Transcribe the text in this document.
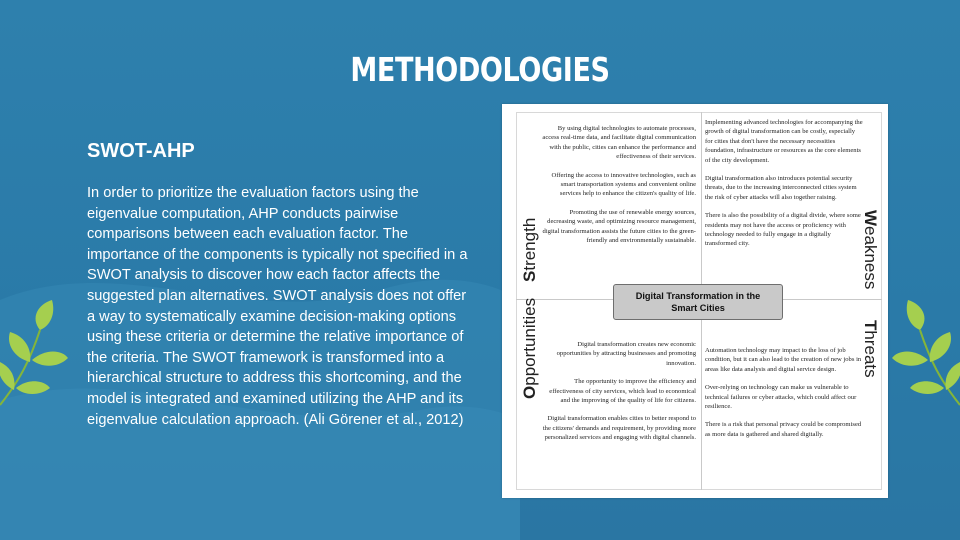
METHODOLOGIES
SWOT-AHP

In order to prioritize the evaluation factors using the eigenvalue computation, AHP conducts pairwise comparisons between each evaluation factor. The importance of the components is typically not specified in a SWOT analysis to discover how each factor affects the suggested plan alternatives. SWOT analysis does not offer a way to systematically examine decision-making options using these criteria or determine the relative importance of the criteria. The SWOT framework is transformed into a hierarchical structure to address this shortcoming, and the model is integrated and examined utilizing the AHP and its eigenvalue calculation approach. (Ali Görener et al., 2012)

Strength
Opportunities
Weakness
Threats

By using digital technologies to automate processes, access real-time data, and facilitate digital communication with the public, cities can enhance the performance and effectiveness of their services.

Offering the access to innovative technologies, such as smart transportation systems and convenient online services help to enhance the citizen's quality of life.

Promoting the use of renewable energy sources, decreasing waste, and optimizing resource management, digital transformation assists the future cities to the green-friendly and environmentally sustainable.

Implementing advanced technologies for accompanying the growth of digital transformation can be costly, especially for cities that don't have the necessary necessities foundation, infrastructure or resources as the core elements of the city development.

Digital transformation also introduces potential security threats, due to the increasing interconnected cities system the risk of cyber attacks will also together raising.

There is also the possibility of a digital divide, where some residents may not have the access or proficiency with technology needed to fully engage in a digitally transformed city.

Digital transformation creates new economic opportunities by attracting businesses and promoting innovation.

The opportunity to improve the efficiency and effectiveness of city services, which lead to economical and the improving of the quality of life for citizens.

Digital transformation enables cities to better respond to the citizens' demands and requirement, by providing more personalized services and engaging with digital channels.

Automation technology may impact to the loss of job condition, but it can also lead to the creation of new jobs in areas like data analysis and digital service design.

Over-relying on technology can make us vulnerable to technical failures or cyber attacks, which could affect our resilience.

There is a risk that personal privacy could be compromised as more data is gathered and shared digitally.

Digital Transformation in the Smart Cities
